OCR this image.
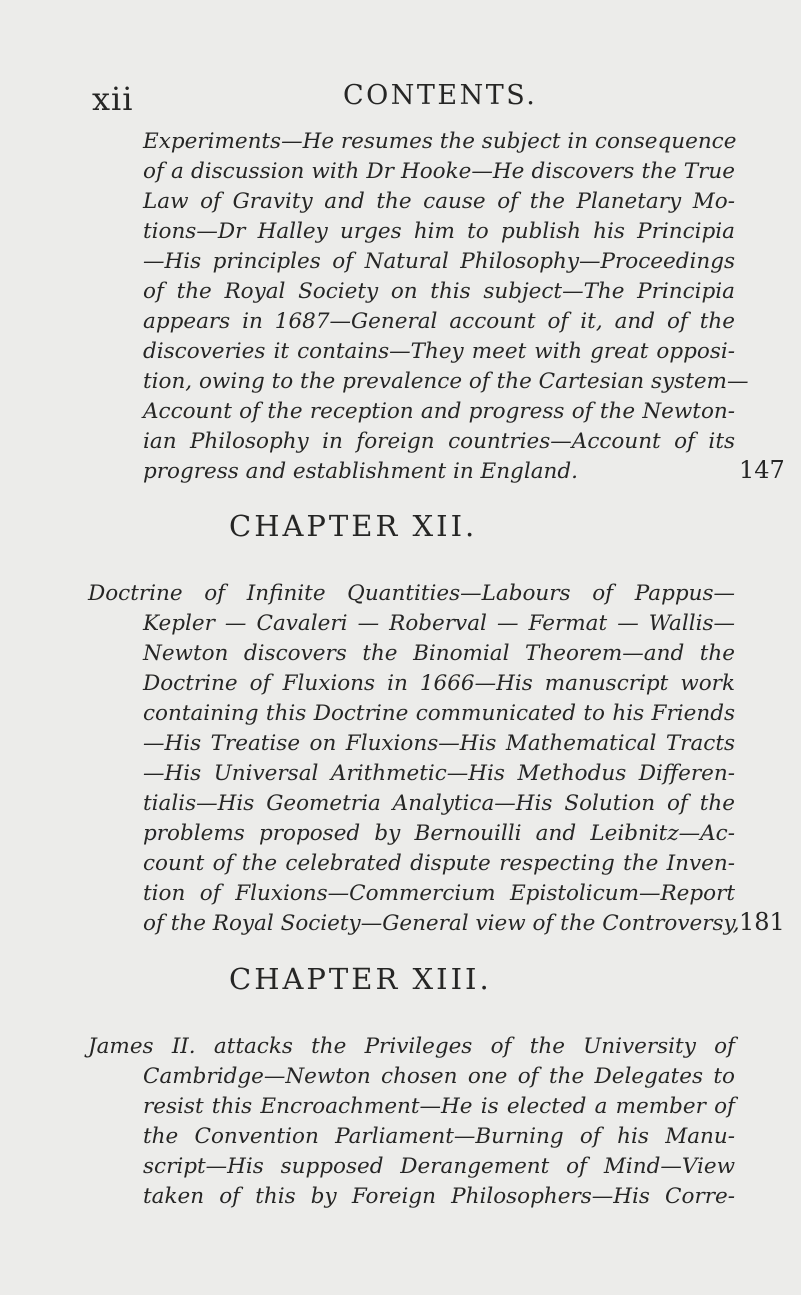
xii	CONTENTS.
Experiments—He resumes the subject in consequence
of a discussion with Dr Hooke—He discovers the True
Law of Gravity and the cause of the Planetary Mo-
tions—Dr Halley urges him to publish his Principia
—His principles of Natural Philosophy—Proceedings
of the Royal Society on this subject—The Principia
appears in 1687—General account of it, and of the
discoveries it contains—They meet with great opposi-
tion, owing to the prevalence of the Cartesian system—
Account of the reception and progress of the Newton-
ian Philosophy in foreign countries—Account of its
progress and establishment in England.	147
CHAPTER XII.
Doctrine of Infinite Quantities—Labours of Pappus—
Kepler — Cavaleri — Roberval — Fermat — Wallis—
Newton discovers the Binomial Theorem—and the
Doctrine of Fluxions in 1666—His manuscript work
containing this Doctrine communicated to his Friends
—His Treatise on Fluxions—His Mathematical Tracts
—His Universal Arithmetic—His Methodus Differen-
tialis—His Geometria Analytica—His Solution of the
problems proposed by Bernouilli and Leibnitz—Ac-
count of the celebrated dispute respecting the Inven-
tion of Fluxions—Commercium Epistolicum—Report
of the Royal Society—General view of the Controversy, 181
CHAPTER XIII.
James II. attacks the Privileges of the University of
Cambridge—Newton chosen one of the Delegates to
resist this Encroachment—He is elected a member of
the Convention Parliament—Burning of his Manu-
script—His supposed Derangement of Mind—View
taken of this by Foreign Philosophers—His Corre-
